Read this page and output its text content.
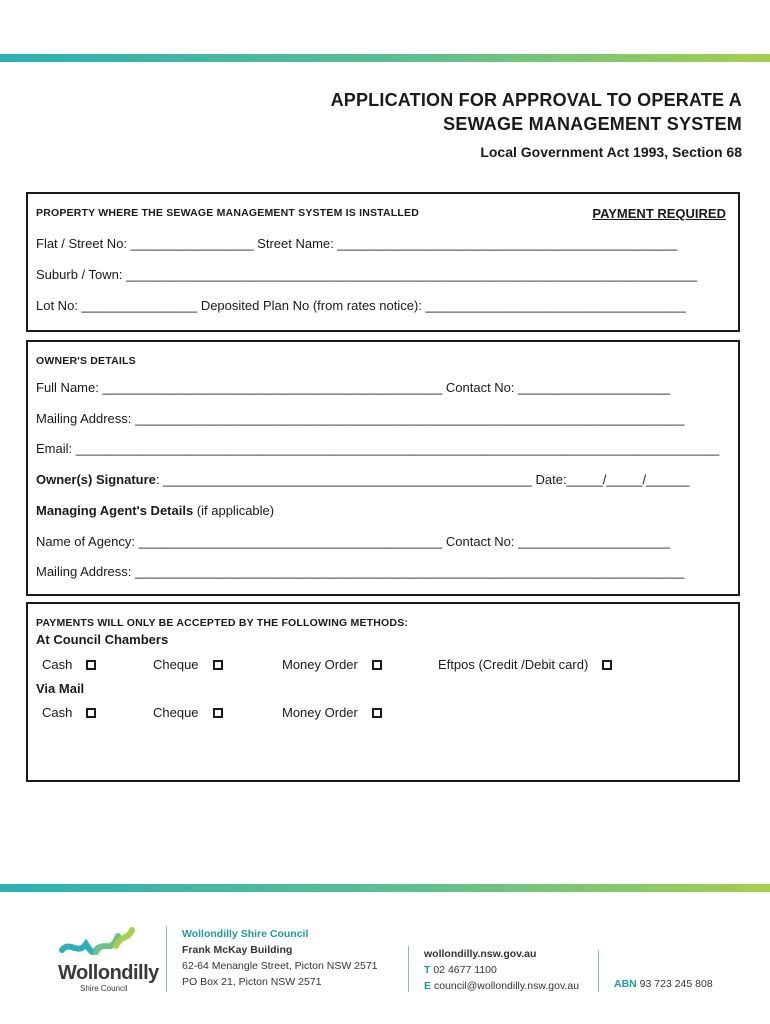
APPLICATION FOR APPROVAL TO OPERATE A
SEWAGE MANAGEMENT SYSTEM
Local Government Act 1993, Section 68
PROPERTY WHERE THE SEWAGE MANAGEMENT SYSTEM IS INSTALLED	PAYMENT REQUIRED
Flat / Street No: _________________ Street Name: _______________________________________________
Suburb / Town: _______________________________________________________________________________
Lot No: ________________ Deposited Plan No (from rates notice): ____________________________________
OWNER'S DETAILS
Full Name: _______________________________________________ Contact No: _____________________
Mailing Address: ____________________________________________________________________________
Email: _________________________________________________________________________________________
Owner(s) Signature: ___________________________________________________ Date:_____/_____/______
Managing Agent's Details (if applicable)
Name of Agency: __________________________________________ Contact No: _____________________
Mailing Address: ____________________________________________________________________________
PAYMENTS WILL ONLY BE ACCEPTED BY THE FOLLOWING METHODS:
At Council Chambers
Cash	Cheque	Money Order	Eftpos (Credit /Debit card)
Via Mail
Cash	Cheque	Money Order
Wollondilly
Shire Council
Wollondilly Shire Council
Frank McKay Building
62-64 Menangle Street, Picton NSW 2571
PO Box 21, Picton NSW 2571
wollondilly.nsw.gov.au
T 02 4677 1100
E council@wollondilly.nsw.gov.au	ABN 93 723 245 808
